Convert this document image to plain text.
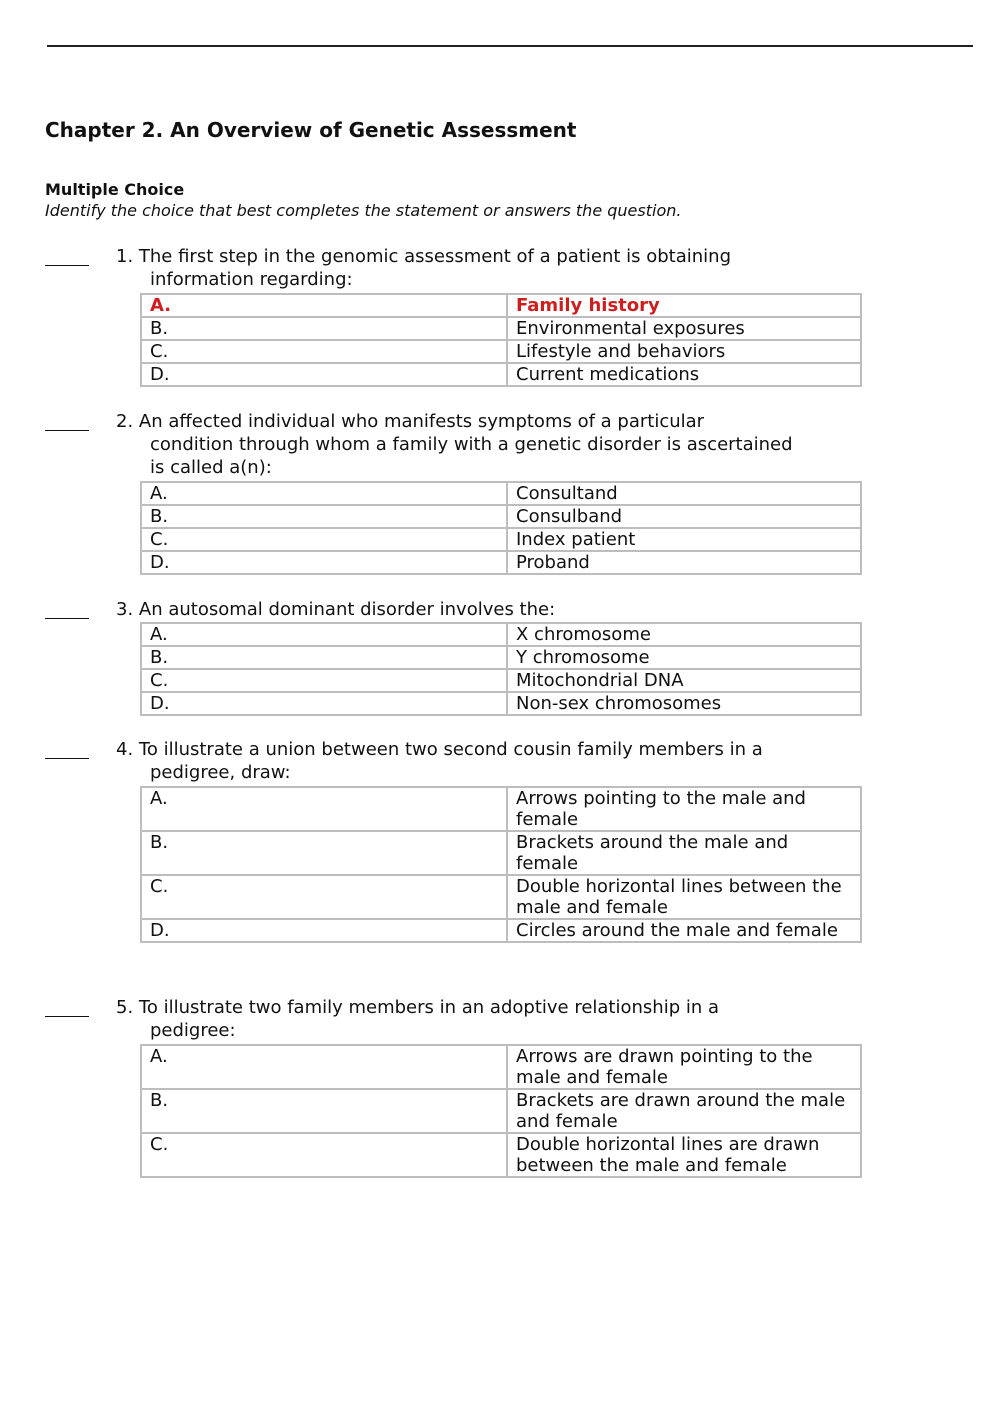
Chapter 2. An Overview of Genetic Assessment
Multiple Choice

Identify the choice that best completes the statement or answers the question.

1. The first step in the genomic assessment of a patient is obtaining
information regarding:

A.	Family history
B.	Environmental exposures
C.	Lifestyle and behaviors
D.	Current medications

2. An affected individual who manifests symptoms of a particular
condition through whom a family with a genetic disorder is ascertained
is called a(n):

A.	Consultand
B.	Consulband
C.	Index patient
D.	Proband

3. An autosomal dominant disorder involves the:

A.	X chromosome
B.	Y chromosome
C.	Mitochondrial DNA
D.	Non-sex chromosomes

4. To illustrate a union between two second cousin family members in a
pedigree, draw:

A.	Arrows pointing to the male and female
B.	Brackets around the male and female
C.	Double horizontal lines between the male and female
D.	Circles around the male and female

5. To illustrate two family members in an adoptive relationship in a
pedigree:

A.	Arrows are drawn pointing to the male and female
B.	Brackets are drawn around the male and female
C.	Double horizontal lines are drawn between the male and female
